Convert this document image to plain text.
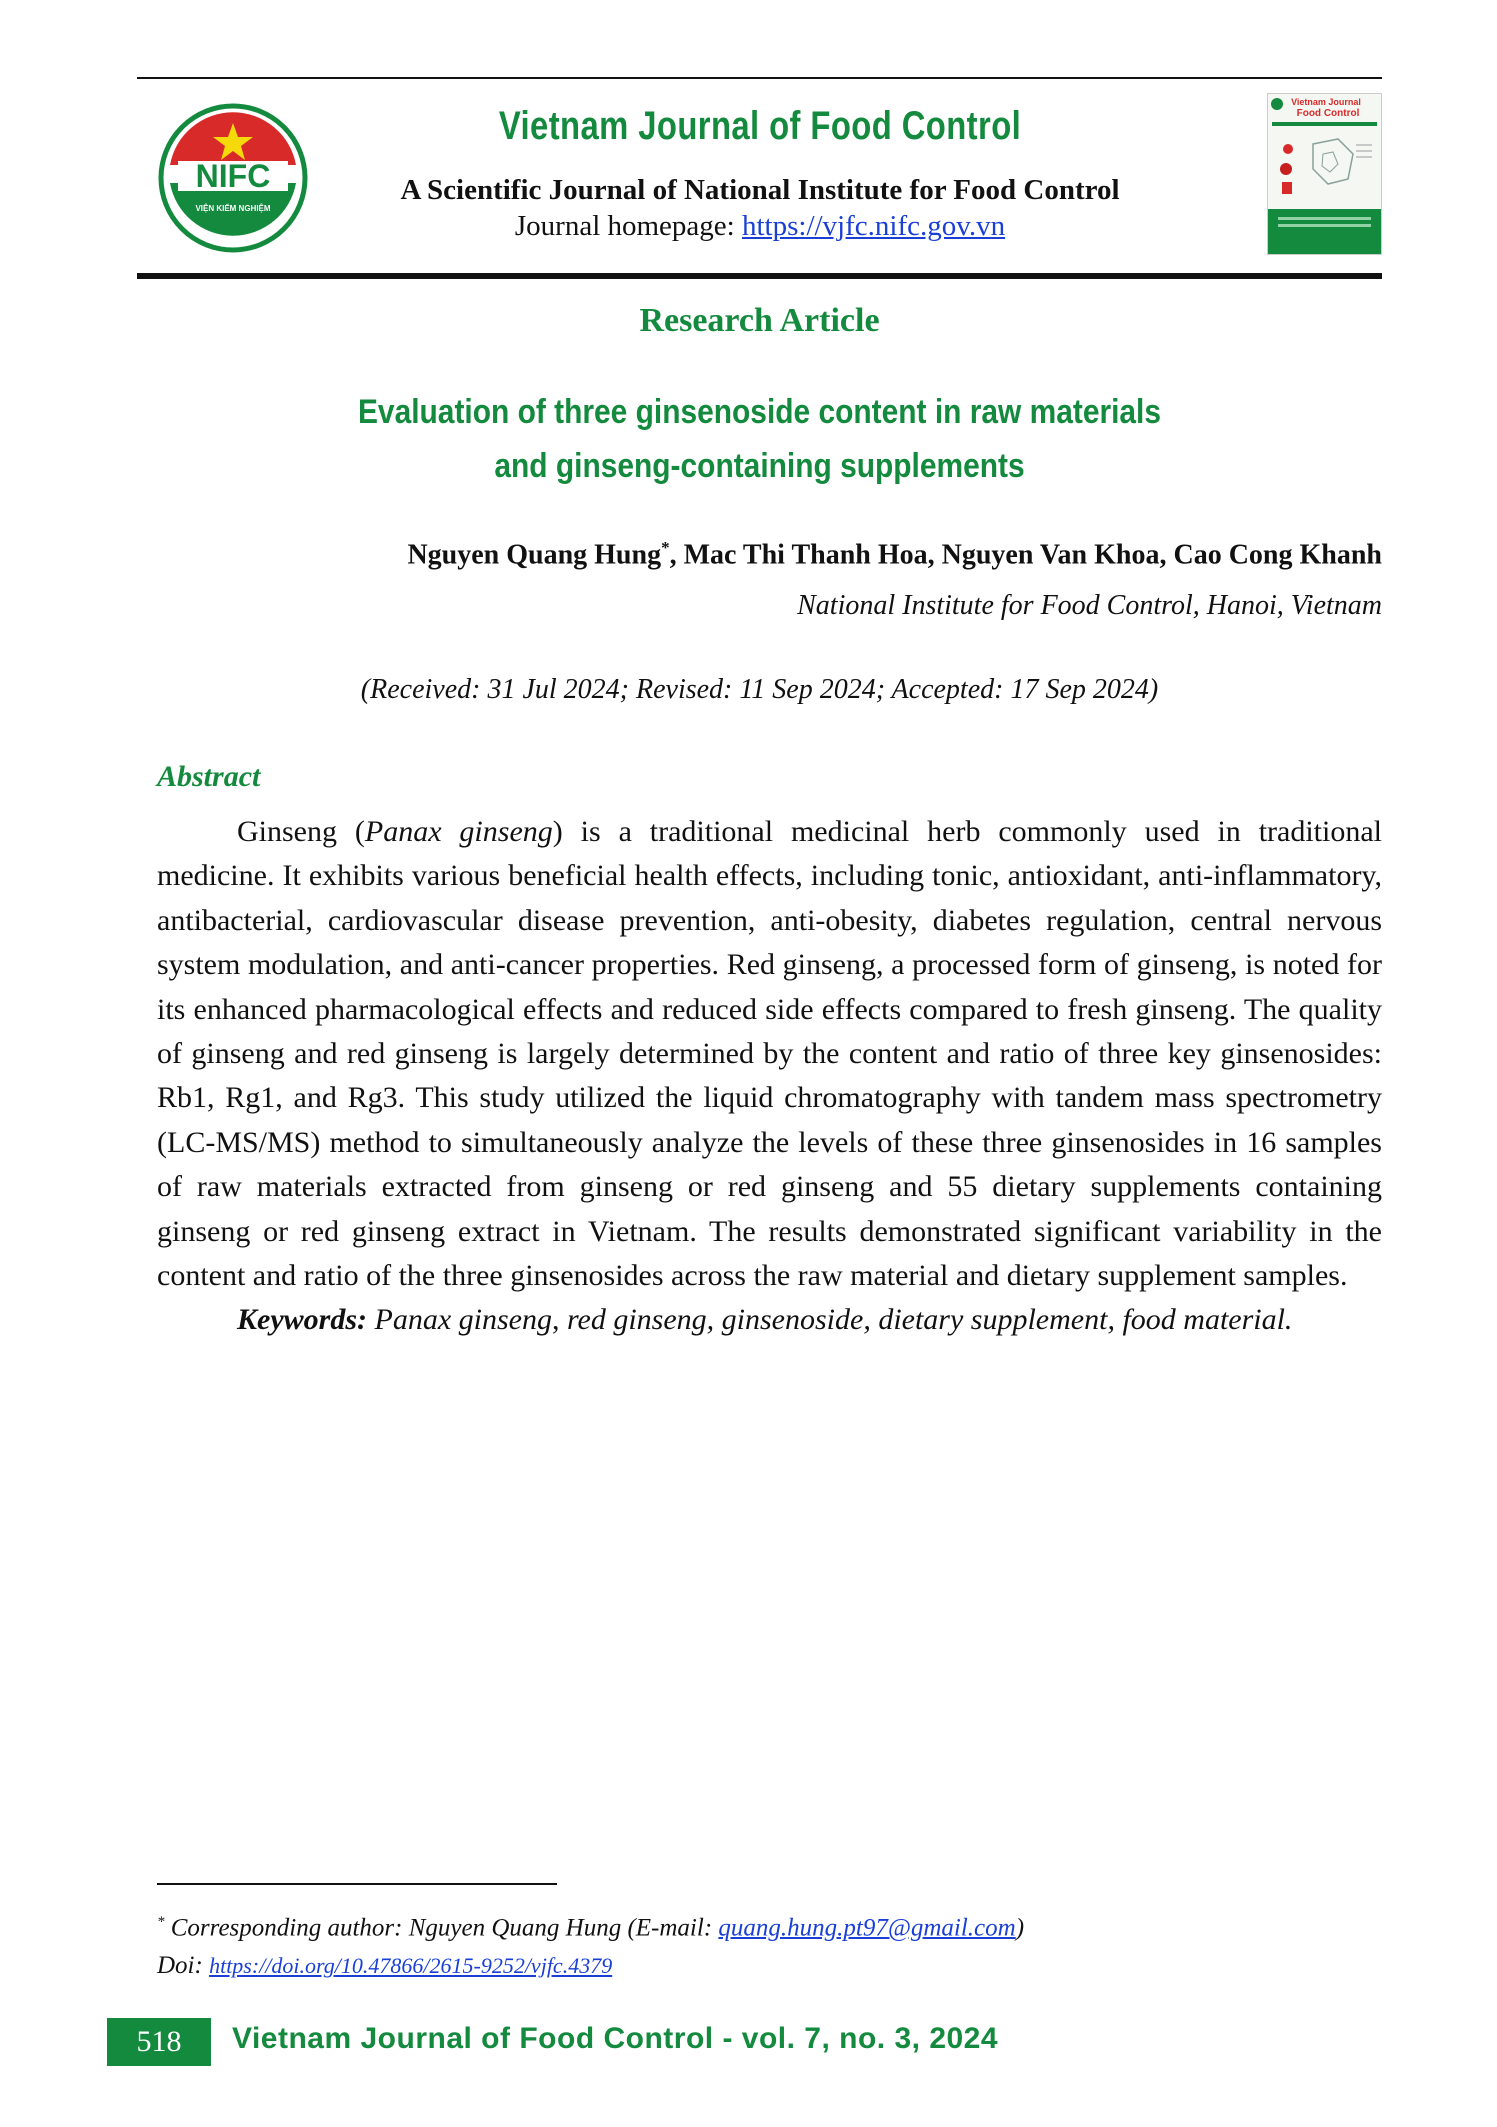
NIFC
VIỆN KIỂM NGHIỆM
Vietnam Journal of Food Control
A Scientific Journal of National Institute for Food Control
Journal homepage: https://vjfc.nifc.gov.vn
Vietnam Journal
Food Control
Research Article
Evaluation of three ginsenoside content in raw materials
and ginseng-containing supplements
Nguyen Quang Hung*, Mac Thi Thanh Hoa, Nguyen Van Khoa, Cao Cong Khanh
National Institute for Food Control, Hanoi, Vietnam
(Received: 31 Jul 2024; Revised: 11 Sep 2024; Accepted: 17 Sep 2024)
Abstract

Ginseng (Panax ginseng) is a traditional medicinal herb commonly used in traditional medicine. It exhibits various beneficial health effects, including tonic, antioxidant, anti-inflammatory, antibacterial, cardiovascular disease prevention, anti-obesity, diabetes regulation, central nervous system modulation, and anti-cancer properties. Red ginseng, a processed form of ginseng, is noted for its enhanced pharmacological effects and reduced side effects compared to fresh ginseng. The quality of ginseng and red ginseng is largely determined by the content and ratio of three key ginsenosides: Rb1, Rg1, and Rg3. This study utilized the liquid chromatography with tandem mass spectrometry (LC-MS/MS) method to simultaneously analyze the levels of these three ginsenosides in 16 samples of raw materials extracted from ginseng or red ginseng and 55 dietary supplements containing ginseng or red ginseng extract in Vietnam. The results demonstrated significant variability in the content and ratio of the three ginsenosides across the raw material and dietary supplement samples.

Keywords: Panax ginseng, red ginseng, ginsenoside, dietary supplement, food material.

* Corresponding author: Nguyen Quang Hung (E-mail: quang.hung.pt97@gmail.com)
Doi: https://doi.org/10.47866/2615-9252/vjfc.4379
518	Vietnam Journal of Food Control - vol. 7, no. 3, 2024
